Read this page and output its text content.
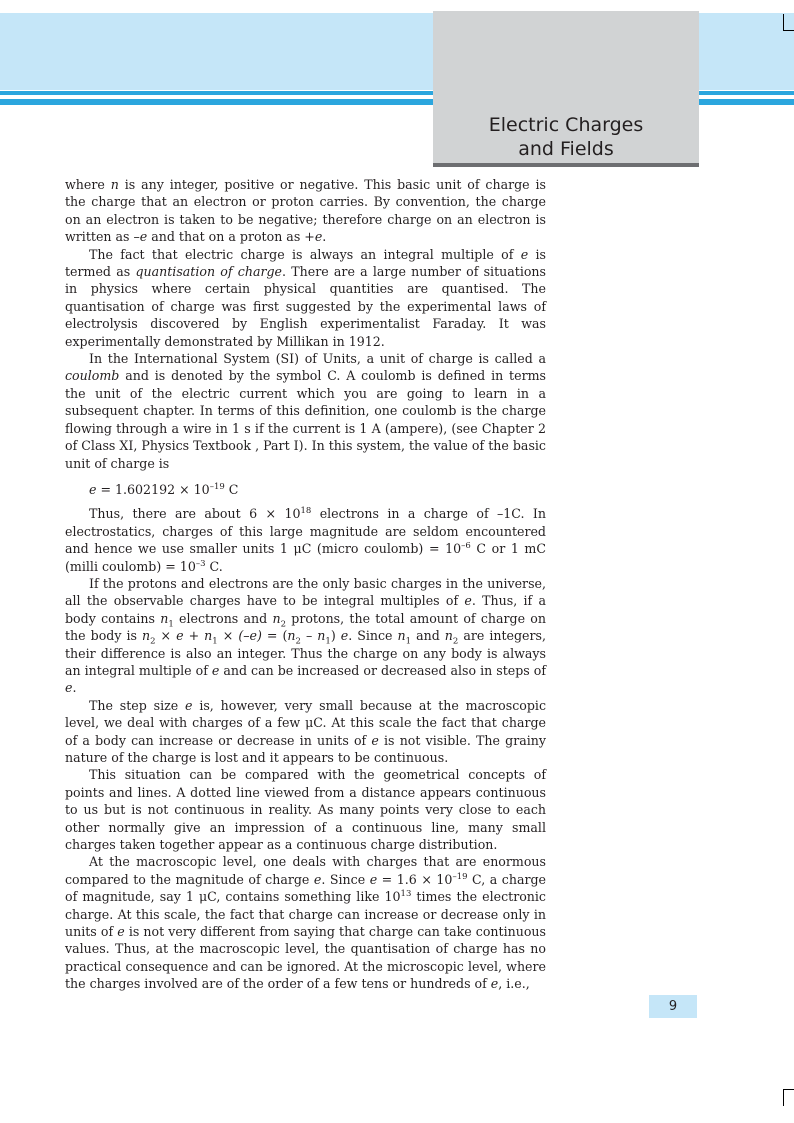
Electric Charges
and Fields

where n is any integer, positive or negative. This basic unit of charge is the charge that an electron or proton carries. By convention, the charge on an electron is taken to be negative; therefore charge on an electron is written as –e and that on a proton as +e.

The fact that electric charge is always an integral multiple of e is termed as quantisation of charge. There are a large number of situations in physics where certain physical quantities are quantised. The quantisation of charge was first suggested by the experimental laws of electrolysis discovered by English experimentalist Faraday. It was experimentally demonstrated by Millikan in 1912.

In the International System (SI) of Units, a unit of charge is called a coulomb and is denoted by the symbol C. A coulomb is defined in terms the unit of the electric current which you are going to learn in a subsequent chapter. In terms of this definition, one coulomb is the charge flowing through a wire in 1 s if the current is 1 A (ampere), (see Chapter 2 of Class XI, Physics Textbook , Part I). In this system, the value of the basic unit of charge is

$e = 1.602192 \times 10^{-19}$ C

Thus, there are about $6 \times 10^{18}$ electrons in a charge of –1C. In electrostatics, charges of this large magnitude are seldom encountered and hence we use smaller units 1 μC (micro coulomb) = $10^{-6}$ C or 1 mC (milli coulomb) = $10^{-3}$ C.

If the protons and electrons are the only basic charges in the universe, all the observable charges have to be integral multiples of e. Thus, if a body contains $n_1$ electrons and $n_2$ protons, the total amount of charge on the body is $n_2 \times e + n_1 \times (-e) = (n_2 - n_1)$ e. Since $n_1$ and $n_2$ are integers, their difference is also an integer. Thus the charge on any body is always an integral multiple of e and can be increased or decreased also in steps of e.

The step size e is, however, very small because at the macroscopic level, we deal with charges of a few μC. At this scale the fact that charge of a body can increase or decrease in units of e is not visible. The grainy nature of the charge is lost and it appears to be continuous.

This situation can be compared with the geometrical concepts of points and lines. A dotted line viewed from a distance appears continuous to us but is not continuous in reality. As many points very close to each other normally give an impression of a continuous line, many small charges taken together appear as a continuous charge distribution.

At the macroscopic level, one deals with charges that are enormous compared to the magnitude of charge e. Since $e = 1.6 \times 10^{-19}$ C, a charge of magnitude, say 1 μC, contains something like $10^{13}$ times the electronic charge. At this scale, the fact that charge can increase or decrease only in units of e is not very different from saying that charge can take continuous values. Thus, at the macroscopic level, the quantisation of charge has no practical consequence and can be ignored. At the microscopic level, where the charges involved are of the order of a few tens or hundreds of e, i.e.,

9
